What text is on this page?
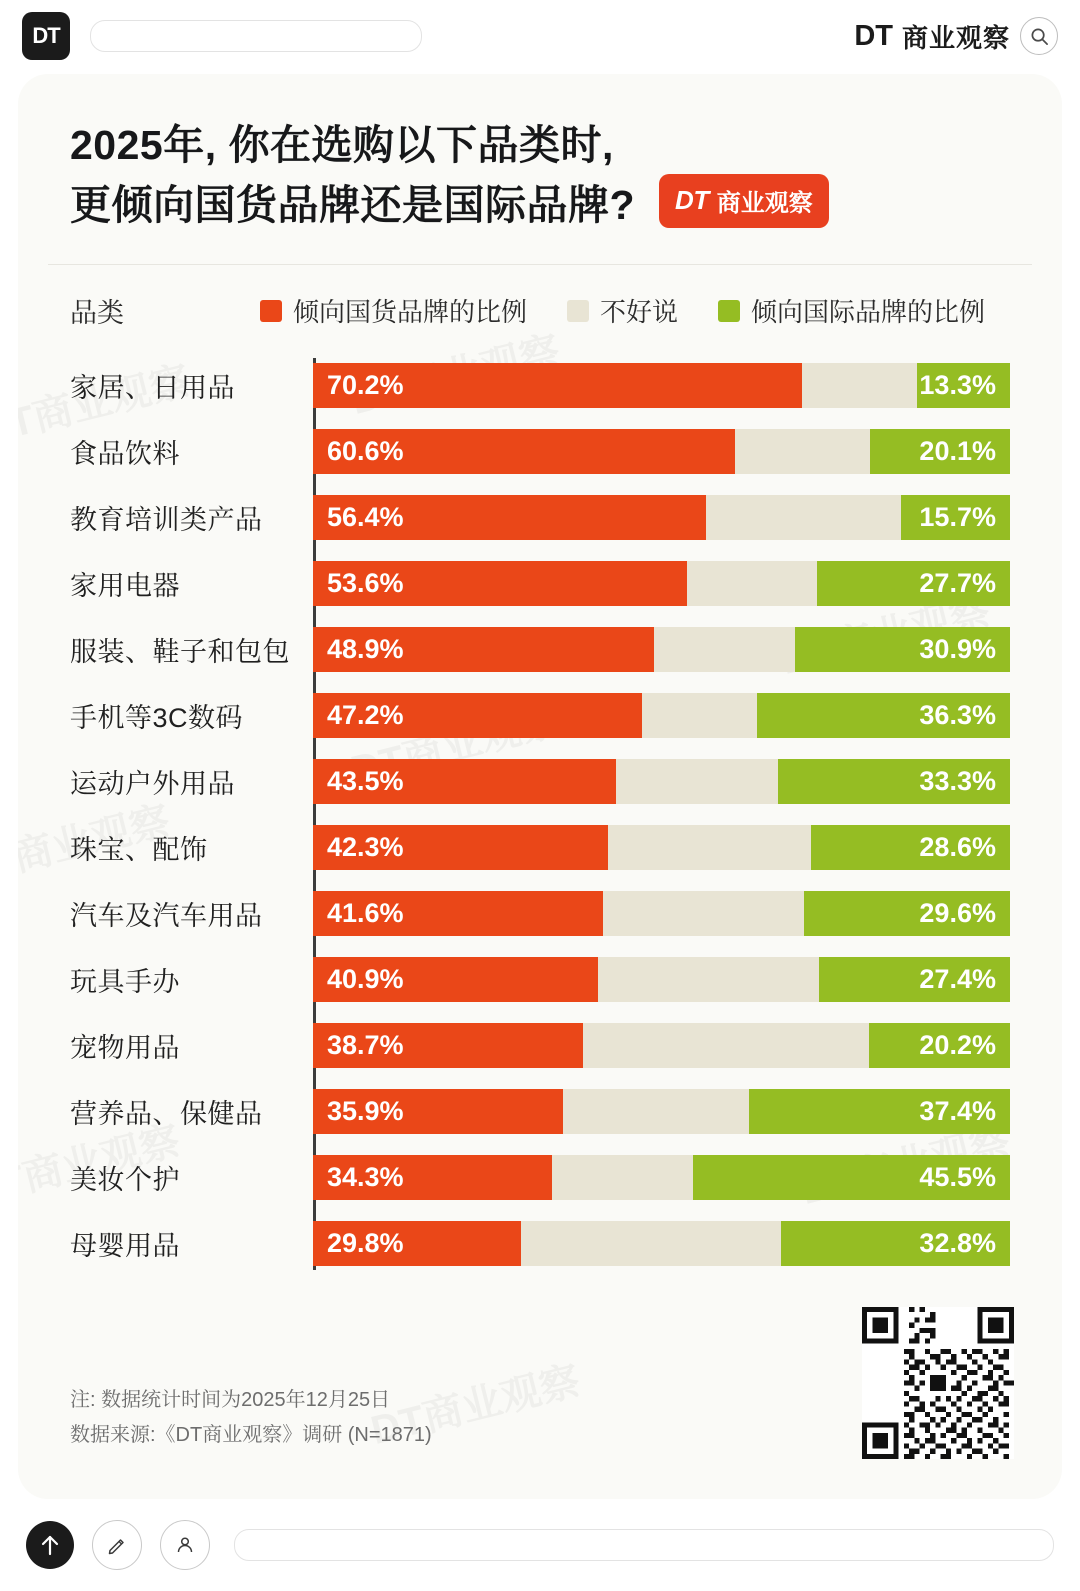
DT	DT 商业观察
2025年, 你在选购以下品类时,
更倾向国货品牌还是国际品牌? DT 商业观察
品类	倾向国货品牌的比例	不好说	倾向国际品牌的比例
家居、日用品	70.2%	13.3%
食品饮料	60.6%	20.1%
教育培训类产品	56.4%	15.7%
家用电器	53.6%	27.7%
服装、鞋子和包包	48.9%	30.9%
手机等3C数码	47.2%	36.3%
运动户外用品	43.5%	33.3%
珠宝、配饰	42.3%	28.6%
汽车及汽车用品	41.6%	29.6%
玩具手办	40.9%	27.4%
宠物用品	38.7%	20.2%
营养品、保健品	35.9%	37.4%
美妆个护	34.3%	45.5%
母婴用品	29.8%	32.8%
注: 数据统计时间为2025年12月25日
数据来源:《DT商业观察》调研 (N=1871)
